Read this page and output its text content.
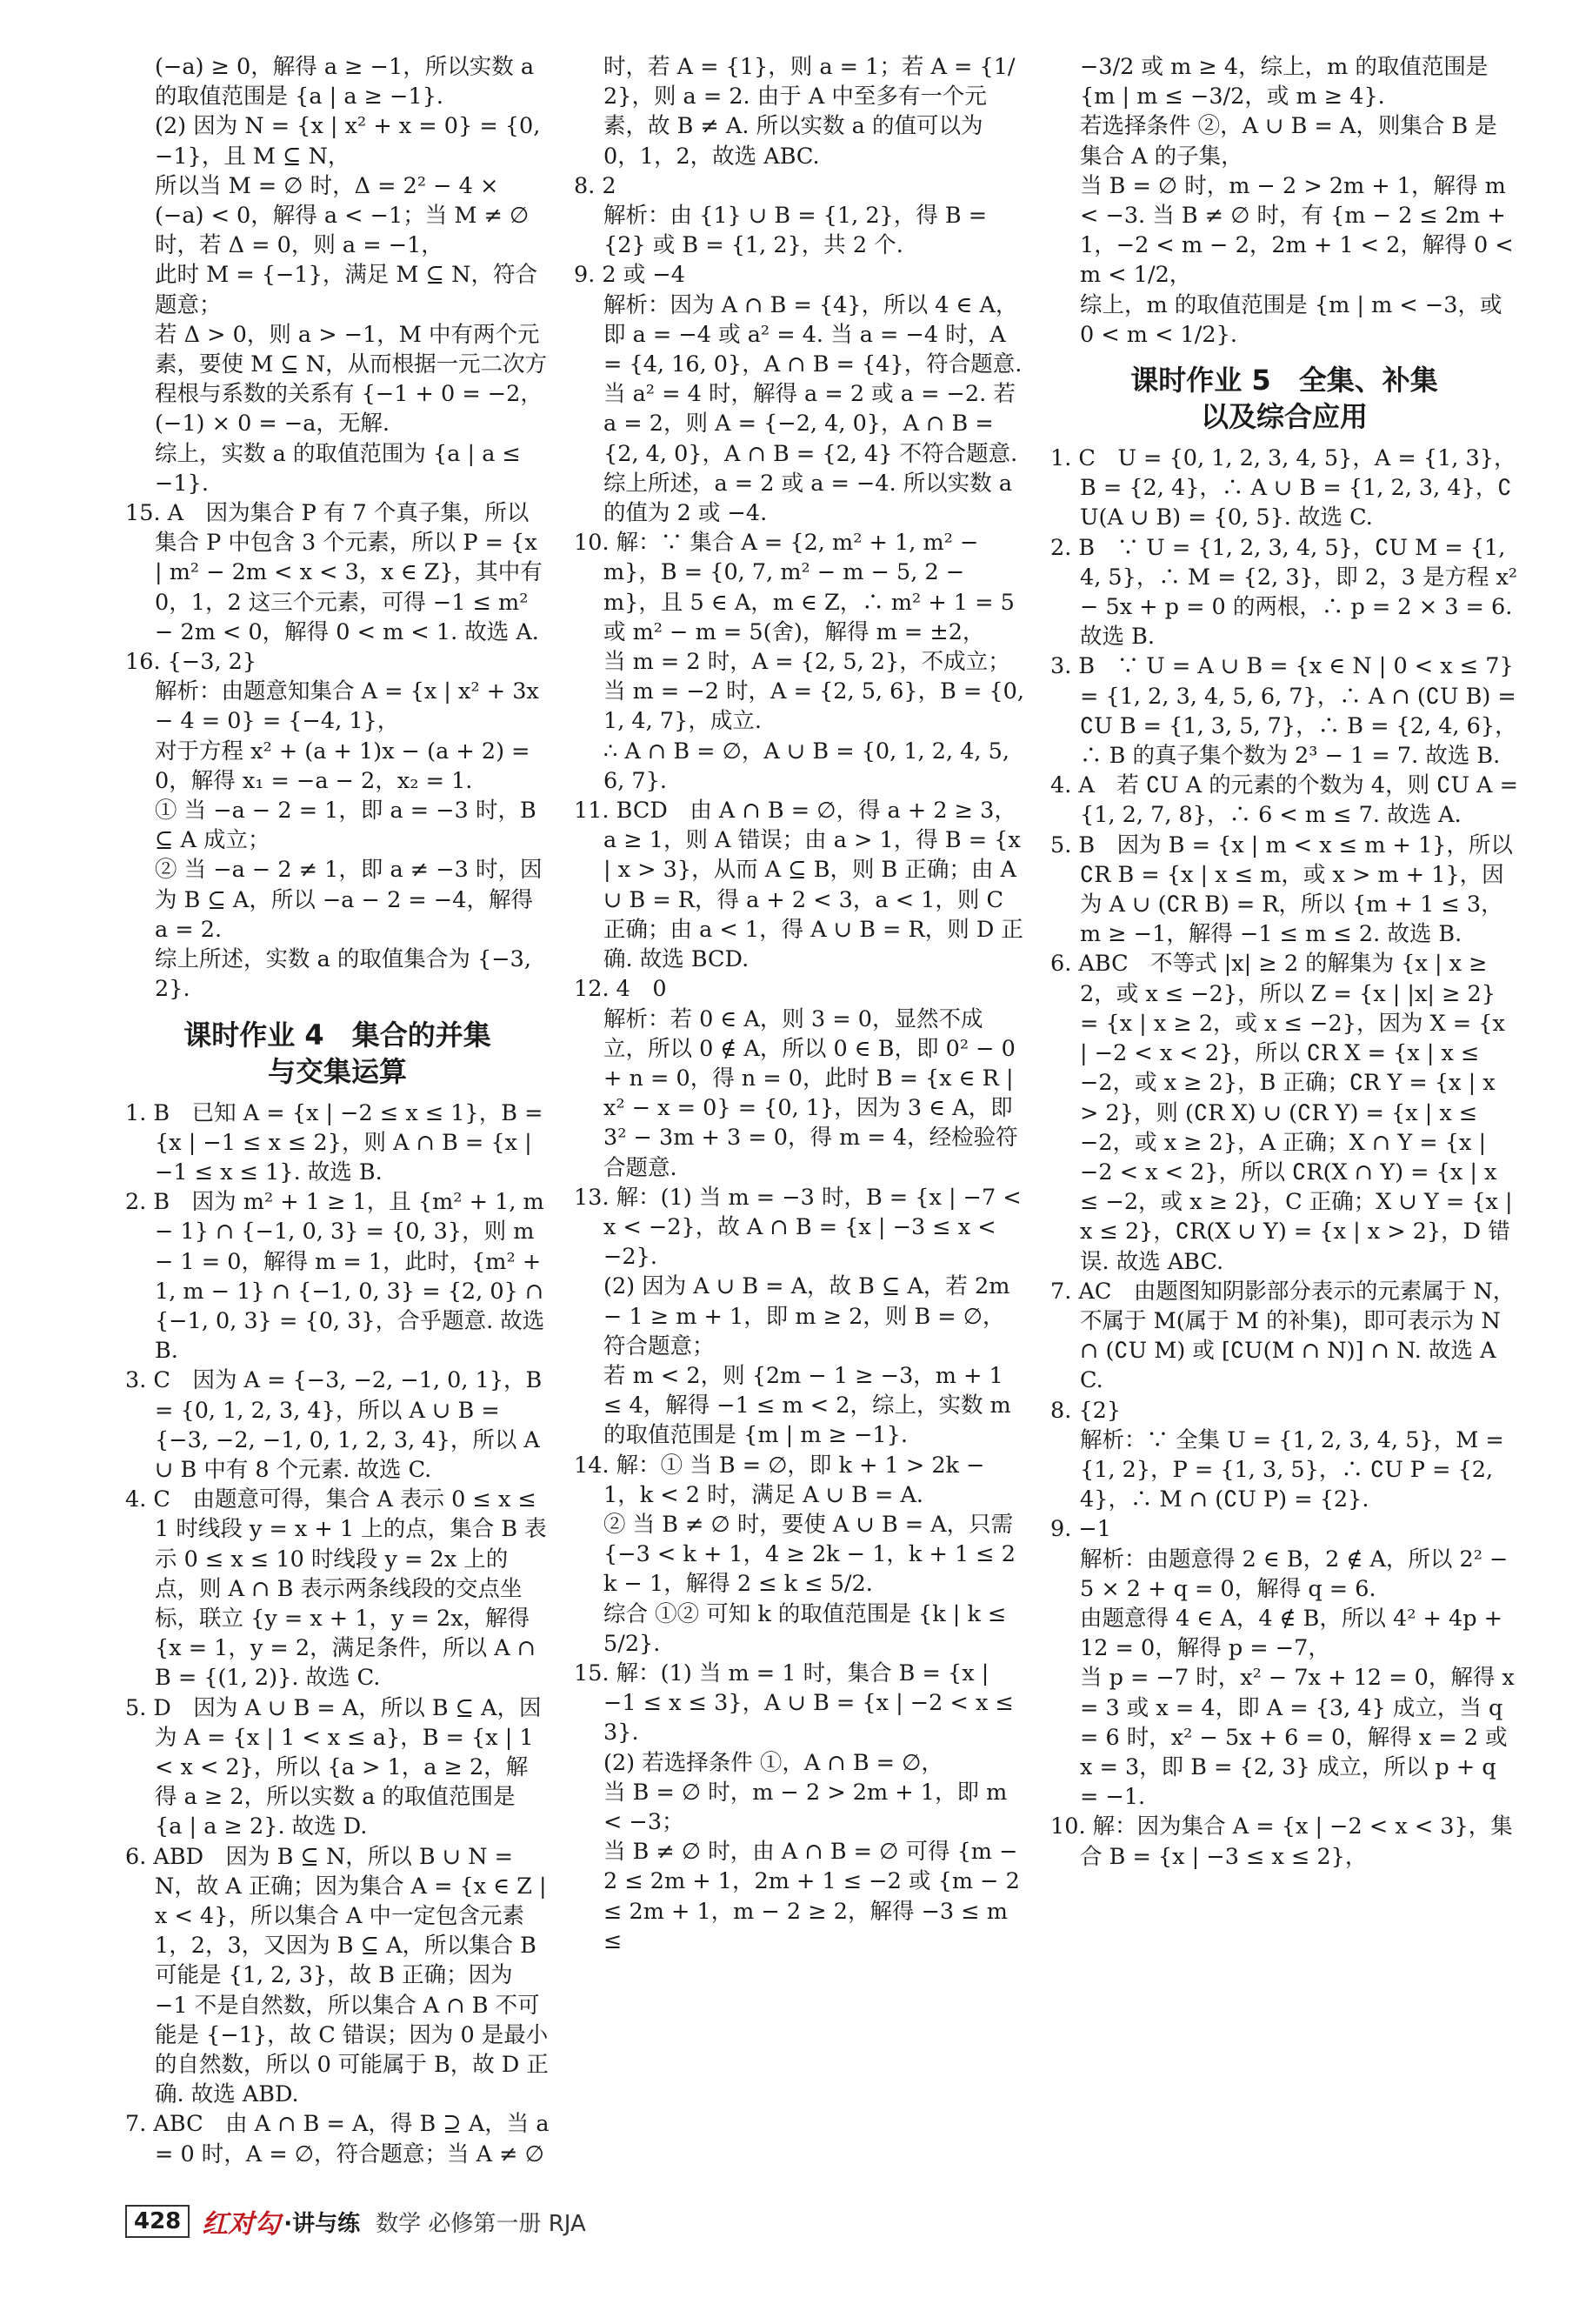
(−a) ≥ 0，解得 a ≥ −1，所以实数 a 的取值范围是 {a | a ≥ −1}.

(2) 因为 N = {x | x² + x = 0} = {0, −1}，且 M ⊆ N，

所以当 M = ∅ 时，Δ = 2² − 4 × (−a) < 0，解得 a < −1；当 M ≠ ∅ 时，若 Δ = 0，则 a = −1，

此时 M = {−1}，满足 M ⊆ N，符合题意；

若 Δ > 0，则 a > −1，M 中有两个元素，要使 M ⊆ N，从而根据一元二次方程根与系数的关系有 {−1 + 0 = −2，(−1) × 0 = −a，无解.

综上，实数 a 的取值范围为 {a | a ≤ −1}.

15. A　因为集合 P 有 7 个真子集，所以集合 P 中包含 3 个元素，所以 P = {x | m² − 2m < x < 3，x ∈ Z}，其中有 0，1，2 这三个元素，可得 −1 ≤ m² − 2m < 0，解得 0 < m < 1. 故选 A.

16. {−3, 2}

解析：由题意知集合 A = {x | x² + 3x − 4 = 0} = {−4, 1}，

对于方程 x² + (a + 1)x − (a + 2) = 0，解得 x₁ = −a − 2，x₂ = 1.

① 当 −a − 2 = 1，即 a = −3 时，B ⊆ A 成立；

② 当 −a − 2 ≠ 1，即 a ≠ −3 时，因为 B ⊆ A，所以 −a − 2 = −4，解得 a = 2.

综上所述，实数 a 的取值集合为 {−3, 2}.

课时作业 4　集合的并集
与交集运算

1. B　已知 A = {x | −2 ≤ x ≤ 1}，B = {x | −1 ≤ x ≤ 2}，则 A ∩ B = {x | −1 ≤ x ≤ 1}. 故选 B.

2. B　因为 m² + 1 ≥ 1，且 {m² + 1, m − 1} ∩ {−1, 0, 3} = {0, 3}，则 m − 1 = 0，解得 m = 1，此时，{m² + 1, m − 1} ∩ {−1, 0, 3} = {2, 0} ∩ {−1, 0, 3} = {0, 3}，合乎题意. 故选 B.

3. C　因为 A = {−3, −2, −1, 0, 1}，B = {0, 1, 2, 3, 4}，所以 A ∪ B = {−3, −2, −1, 0, 1, 2, 3, 4}，所以 A ∪ B 中有 8 个元素. 故选 C.

4. C　由题意可得，集合 A 表示 0 ≤ x ≤ 1 时线段 y = x + 1 上的点，集合 B 表示 0 ≤ x ≤ 10 时线段 y = 2x 上的点，则 A ∩ B 表示两条线段的交点坐标，联立 {y = x + 1，y = 2x，解得 {x = 1，y = 2，满足条件，所以 A ∩ B = {(1, 2)}. 故选 C.

5. D　因为 A ∪ B = A，所以 B ⊆ A，因为 A = {x | 1 < x ≤ a}，B = {x | 1 < x < 2}，所以 {a > 1，a ≥ 2，解得 a ≥ 2，所以实数 a 的取值范围是 {a | a ≥ 2}. 故选 D.

6. ABD　因为 B ⊆ N，所以 B ∪ N = N，故 A 正确；因为集合 A = {x ∈ Z | x < 4}，所以集合 A 中一定包含元素 1，2，3，又因为 B ⊆ A，所以集合 B 可能是 {1, 2, 3}，故 B 正确；因为 −1 不是自然数，所以集合 A ∩ B 不可能是 {−1}，故 C 错误；因为 0 是最小的自然数，所以 0 可能属于 B，故 D 正确. 故选 ABD.

7. ABC　由 A ∩ B = A，得 B ⊇ A，当 a = 0 时，A = ∅，符合题意；当 A ≠ ∅

时，若 A = {1}，则 a = 1；若 A = {1/2}，则 a = 2. 由于 A 中至多有一个元素，故 B ≠ A. 所以实数 a 的值可以为 0，1，2，故选 ABC.

8. 2

解析：由 {1} ∪ B = {1, 2}，得 B = {2} 或 B = {1, 2}，共 2 个.

9. 2 或 −4

解析：因为 A ∩ B = {4}，所以 4 ∈ A，即 a = −4 或 a² = 4. 当 a = −4 时，A = {4, 16, 0}，A ∩ B = {4}，符合题意. 当 a² = 4 时，解得 a = 2 或 a = −2. 若 a = 2，则 A = {−2, 4, 0}，A ∩ B = {2, 4, 0}，A ∩ B = {2, 4} 不符合题意. 综上所述，a = 2 或 a = −4. 所以实数 a 的值为 2 或 −4.

10. 解：∵ 集合 A = {2, m² + 1, m² − m}，B = {0, 7, m² − m − 5, 2 − m}，且 5 ∈ A，m ∈ Z，∴ m² + 1 = 5 或 m² − m = 5(舍)，解得 m = ±2，

当 m = 2 时，A = {2, 5, 2}，不成立；

当 m = −2 时，A = {2, 5, 6}，B = {0, 1, 4, 7}，成立.

∴ A ∩ B = ∅，A ∪ B = {0, 1, 2, 4, 5, 6, 7}.

11. BCD　由 A ∩ B = ∅，得 a + 2 ≥ 3，a ≥ 1，则 A 错误；由 a > 1，得 B = {x | x > 3}，从而 A ⊆ B，则 B 正确；由 A ∪ B = R，得 a + 2 < 3，a < 1，则 C 正确；由 a < 1，得 A ∪ B = R，则 D 正确. 故选 BCD.

12. 4　0

解析：若 0 ∈ A，则 3 = 0，显然不成立，所以 0 ∉ A，所以 0 ∈ B，即 0² − 0 + n = 0，得 n = 0，此时 B = {x ∈ R | x² − x = 0} = {0, 1}，因为 3 ∈ A，即 3² − 3m + 3 = 0，得 m = 4，经检验符合题意.

13. 解：(1) 当 m = −3 时，B = {x | −7 < x < −2}，故 A ∩ B = {x | −3 ≤ x < −2}.

(2) 因为 A ∪ B = A，故 B ⊆ A，若 2m − 1 ≥ m + 1，即 m ≥ 2，则 B = ∅，符合题意；

若 m < 2，则 {2m − 1 ≥ −3，m + 1 ≤ 4，解得 −1 ≤ m < 2，综上，实数 m 的取值范围是 {m | m ≥ −1}.

14. 解：① 当 B = ∅，即 k + 1 > 2k − 1，k < 2 时，满足 A ∪ B = A.

② 当 B ≠ ∅ 时，要使 A ∪ B = A，只需 {−3 < k + 1，4 ≥ 2k − 1，k + 1 ≤ 2k − 1，解得 2 ≤ k ≤ 5/2.

综合 ①② 可知 k 的取值范围是 {k | k ≤ 5/2}.

15. 解：(1) 当 m = 1 时，集合 B = {x | −1 ≤ x ≤ 3}，A ∪ B = {x | −2 < x ≤ 3}.

(2) 若选择条件 ①，A ∩ B = ∅，

当 B = ∅ 时，m − 2 > 2m + 1，即 m < −3；

当 B ≠ ∅ 时，由 A ∩ B = ∅ 可得 {m − 2 ≤ 2m + 1，2m + 1 ≤ −2 或 {m − 2 ≤ 2m + 1，m − 2 ≥ 2，解得 −3 ≤ m ≤

−3/2 或 m ≥ 4，综上，m 的取值范围是 {m | m ≤ −3/2，或 m ≥ 4}.

若选择条件 ②，A ∪ B = A，则集合 B 是集合 A 的子集，

当 B = ∅ 时，m − 2 > 2m + 1，解得 m < −3. 当 B ≠ ∅ 时，有 {m − 2 ≤ 2m + 1，−2 < m − 2，2m + 1 < 2，解得 0 < m < 1/2，

综上，m 的取值范围是 {m | m < −3，或 0 < m < 1/2}.

课时作业 5　全集、补集
以及综合应用

1. C　U = {0, 1, 2, 3, 4, 5}，A = {1, 3}，B = {2, 4}，∴ A ∪ B = {1, 2, 3, 4}，∁U(A ∪ B) = {0, 5}. 故选 C.

2. B　∵ U = {1, 2, 3, 4, 5}，∁U M = {1, 4, 5}，∴ M = {2, 3}，即 2，3 是方程 x² − 5x + p = 0 的两根，∴ p = 2 × 3 = 6. 故选 B.

3. B　∵ U = A ∪ B = {x ∈ N | 0 < x ≤ 7} = {1, 2, 3, 4, 5, 6, 7}，∴ A ∩ (∁U B) = ∁U B = {1, 3, 5, 7}，∴ B = {2, 4, 6}，∴ B 的真子集个数为 2³ − 1 = 7. 故选 B.

4. A　若 ∁U A 的元素的个数为 4，则 ∁U A = {1, 2, 7, 8}，∴ 6 < m ≤ 7. 故选 A.

5. B　因为 B = {x | m < x ≤ m + 1}，所以 ∁R B = {x | x ≤ m，或 x > m + 1}，因为 A ∪ (∁R B) = R，所以 {m + 1 ≤ 3，m ≥ −1，解得 −1 ≤ m ≤ 2. 故选 B.

6. ABC　不等式 |x| ≥ 2 的解集为 {x | x ≥ 2，或 x ≤ −2}，所以 Z = {x | |x| ≥ 2} = {x | x ≥ 2，或 x ≤ −2}，因为 X = {x | −2 < x < 2}，所以 ∁R X = {x | x ≤ −2，或 x ≥ 2}，B 正确；∁R Y = {x | x > 2}，则 (∁R X) ∪ (∁R Y) = {x | x ≤ −2，或 x ≥ 2}，A 正确；X ∩ Y = {x | −2 < x < 2}，所以 ∁R(X ∩ Y) = {x | x ≤ −2，或 x ≥ 2}，C 正确；X ∪ Y = {x | x ≤ 2}，∁R(X ∪ Y) = {x | x > 2}，D 错误. 故选 ABC.

7. AC　由题图知阴影部分表示的元素属于 N，不属于 M(属于 M 的补集)，即可表示为 N ∩ (∁U M) 或 [∁U(M ∩ N)] ∩ N. 故选 AC.

8. {2}

解析：∵ 全集 U = {1, 2, 3, 4, 5}，M = {1, 2}，P = {1, 3, 5}，∴ ∁U P = {2, 4}，∴ M ∩ (∁U P) = {2}.

9. −1

解析：由题意得 2 ∈ B，2 ∉ A，所以 2² − 5 × 2 + q = 0，解得 q = 6.

由题意得 4 ∈ A，4 ∉ B，所以 4² + 4p + 12 = 0，解得 p = −7，

当 p = −7 时，x² − 7x + 12 = 0，解得 x = 3 或 x = 4，即 A = {3, 4} 成立，当 q = 6 时，x² − 5x + 6 = 0，解得 x = 2 或 x = 3，即 B = {2, 3} 成立，所以 p + q = −1.

10. 解：因为集合 A = {x | −2 < x < 3}，集合 B = {x | −3 ≤ x ≤ 2}，

428 红对勾 ·讲与练 数学 必修第一册 RJA
